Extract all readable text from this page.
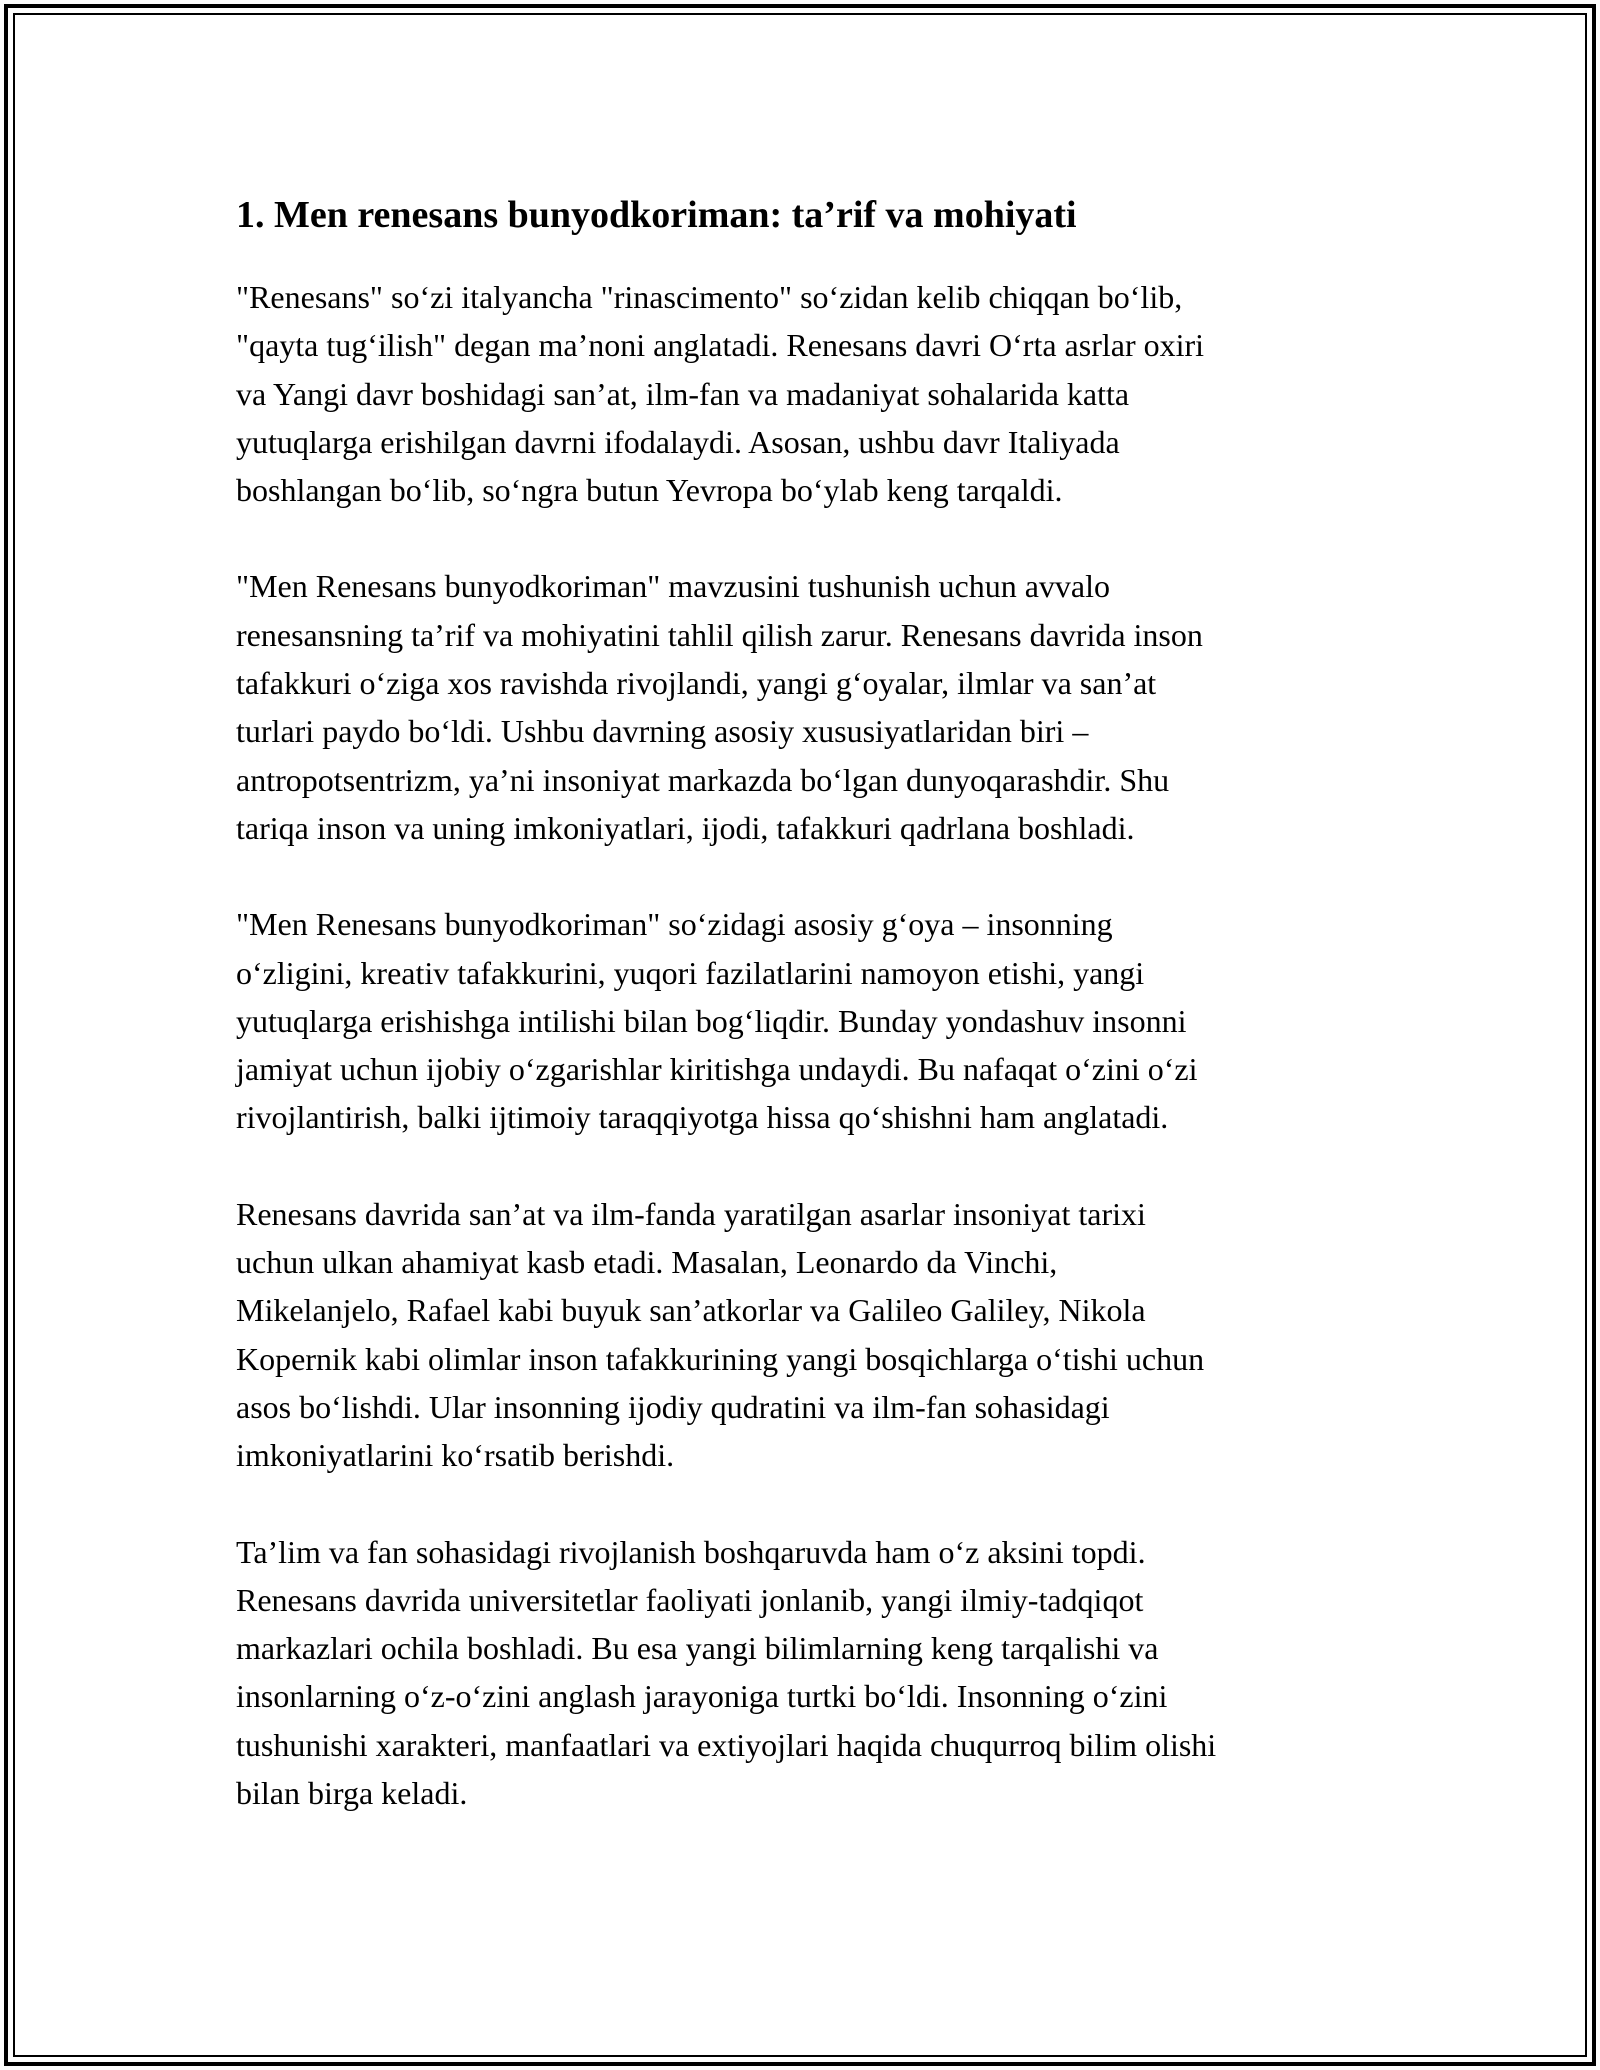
1. Men renesans bunyodkoriman: ta’rif va mohiyati

"Renesans" so‘zi italyancha "rinascimento" so‘zidan kelib chiqqan bo‘lib,
"qayta tug‘ilish" degan ma’noni anglatadi. Renesans davri O‘rta asrlar oxiri
va Yangi davr boshidagi san’at, ilm-fan va madaniyat sohalarida katta
yutuqlarga erishilgan davrni ifodalaydi. Asosan, ushbu davr Italiyada
boshlangan bo‘lib, so‘ngra butun Yevropa bo‘ylab keng tarqaldi.

"Men Renesans bunyodkoriman" mavzusini tushunish uchun avvalo
renesansning ta’rif va mohiyatini tahlil qilish zarur. Renesans davrida inson
tafakkuri o‘ziga xos ravishda rivojlandi, yangi g‘oyalar, ilmlar va san’at
turlari paydo bo‘ldi. Ushbu davrning asosiy xususiyatlaridan biri –
antropotsentrizm, ya’ni insoniyat markazda bo‘lgan dunyoqarashdir. Shu
tariqa inson va uning imkoniyatlari, ijodi, tafakkuri qadrlana boshladi.

"Men Renesans bunyodkoriman" so‘zidagi asosiy g‘oya – insonning
o‘zligini, kreativ tafakkurini, yuqori fazilatlarini namoyon etishi, yangi
yutuqlarga erishishga intilishi bilan bog‘liqdir. Bunday yondashuv insonni
jamiyat uchun ijobiy o‘zgarishlar kiritishga undaydi. Bu nafaqat o‘zini o‘zi
rivojlantirish, balki ijtimoiy taraqqiyotga hissa qo‘shishni ham anglatadi.

Renesans davrida san’at va ilm-fanda yaratilgan asarlar insoniyat tarixi
uchun ulkan ahamiyat kasb etadi. Masalan, Leonardo da Vinchi,
Mikelanjelo, Rafael kabi buyuk san’atkorlar va Galileo Galiley, Nikola
Kopernik kabi olimlar inson tafakkurining yangi bosqichlarga o‘tishi uchun
asos bo‘lishdi. Ular insonning ijodiy qudratini va ilm-fan sohasidagi
imkoniyatlarini ko‘rsatib berishdi.

Ta’lim va fan sohasidagi rivojlanish boshqaruvda ham o‘z aksini topdi.
Renesans davrida universitetlar faoliyati jonlanib, yangi ilmiy-tadqiqot
markazlari ochila boshladi. Bu esa yangi bilimlarning keng tarqalishi va
insonlarning o‘z-o‘zini anglash jarayoniga turtki bo‘ldi. Insonning o‘zini
tushunishi xarakteri, manfaatlari va extiyojlari haqida chuqurroq bilim olishi
bilan birga keladi.
